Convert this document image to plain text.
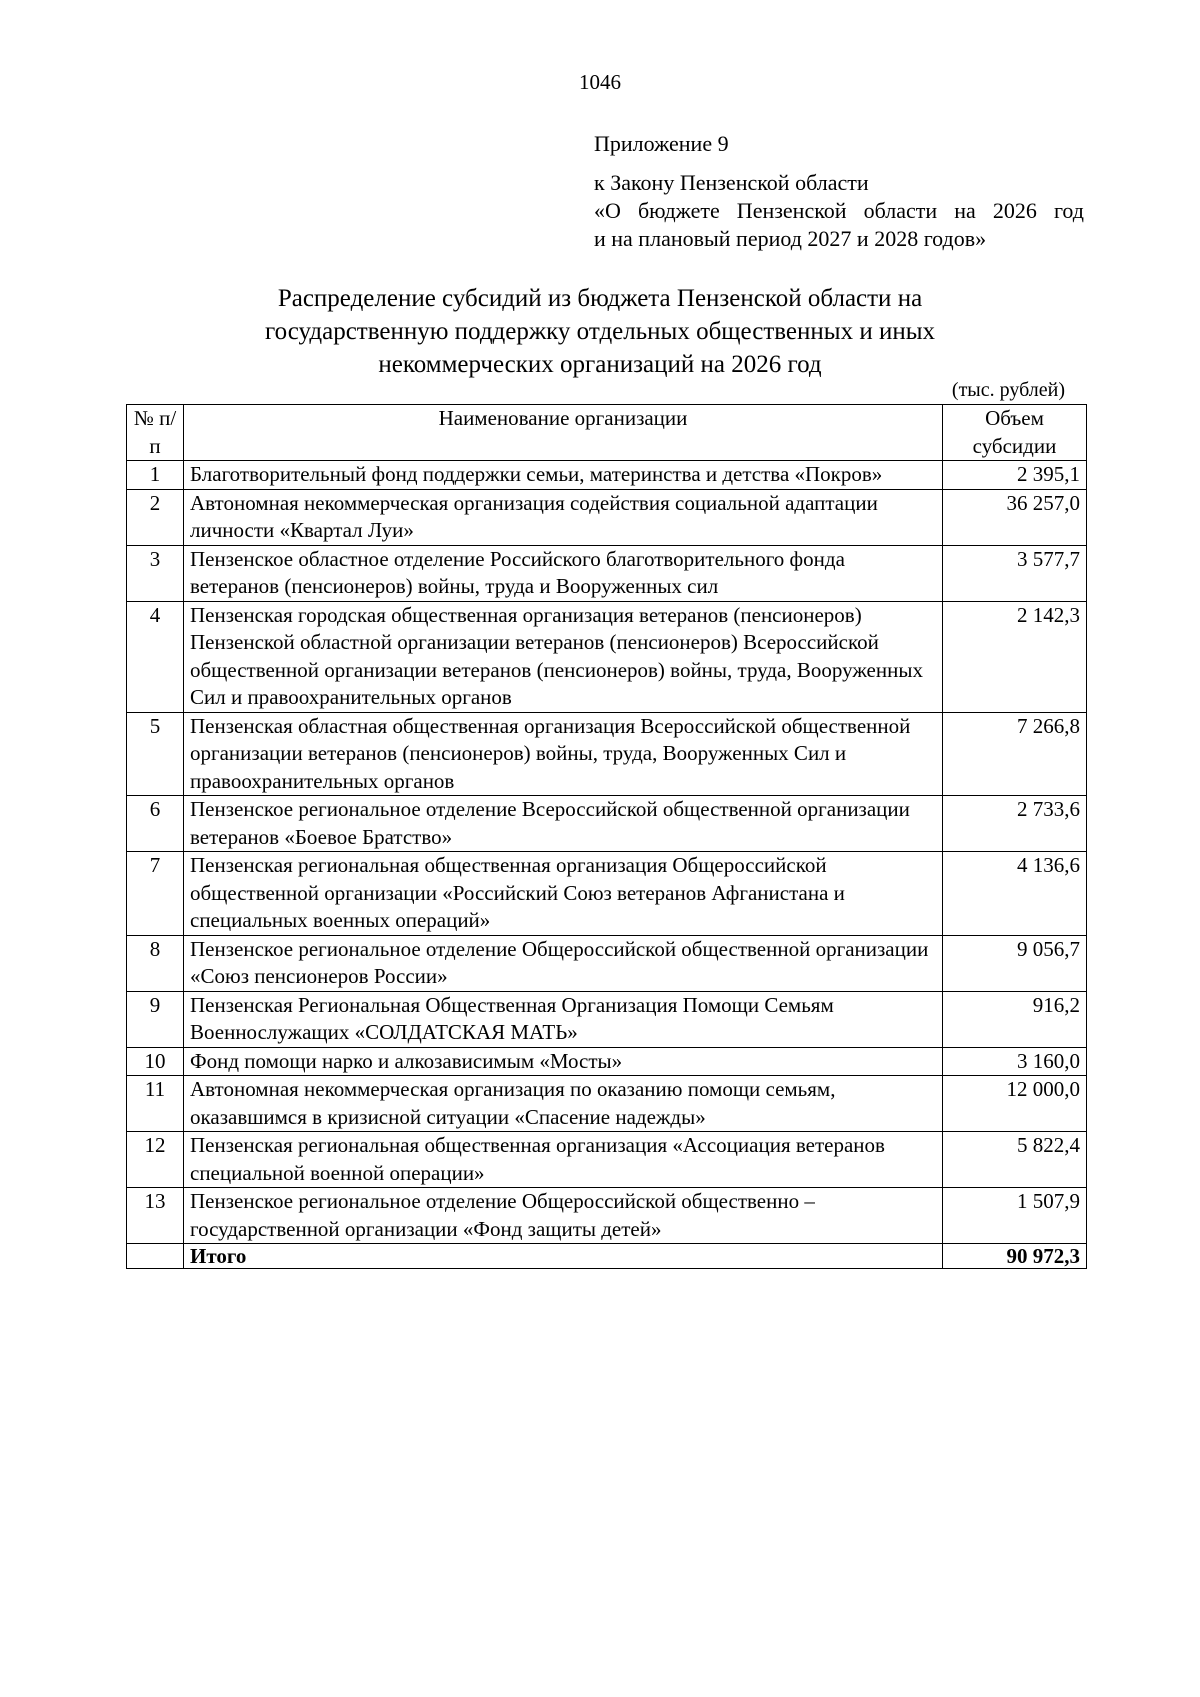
1046
Приложение 9
к Закону Пензенской области
«О бюджете Пензенской области на 2026 год
и на плановый период 2027 и 2028 годов»
Распределение субсидий из бюджета Пензенской области на
государственную поддержку отдельных общественных и иных
некоммерческих организаций на 2026 год
(тыс. рублей)
№ п/п	Наименование организации	Объем субсидии
1	Благотворительный фонд поддержки семьи, материнства и детства «Покров»	2 395,1
2	Автономная некоммерческая организация содействия социальной адаптации личности «Квартал Луи»	36 257,0
3	Пензенское областное отделение Российского благотворительного фонда ветеранов (пенсионеров) войны, труда и Вооруженных сил	3 577,7
4	Пензенская городская общественная организация ветеранов (пенсионеров) Пензенской областной организации ветеранов (пенсионеров) Всероссийской общественной организации ветеранов (пенсионеров) войны, труда, Вооруженных Сил и правоохранительных органов	2 142,3
5	Пензенская областная общественная организация Всероссийской общественной организации ветеранов (пенсионеров) войны, труда, Вооруженных Сил и правоохранительных органов	7 266,8
6	Пензенское региональное отделение Всероссийской общественной организации ветеранов «Боевое Братство»	2 733,6
7	Пензенская региональная общественная организация Общероссийской общественной организации «Российский Союз ветеранов Афганистана и специальных военных операций»	4 136,6
8	Пензенское региональное отделение Общероссийской общественной организации «Союз пенсионеров России»	9 056,7
9	Пензенская Региональная Общественная Организация Помощи Семьям Военнослужащих «СОЛДАТСКАЯ МАТЬ»	916,2
10	Фонд помощи нарко и алкозависимым «Мосты»	3 160,0
11	Автономная некоммерческая организация по оказанию помощи семьям, оказавшимся в кризисной ситуации «Спасение надежды»	12 000,0
12	Пензенская региональная общественная организация «Ассоциация ветеранов специальной военной операции»	5 822,4
13	Пензенское региональное отделение Общероссийской общественно – государственной организации «Фонд защиты детей»	1 507,9
	Итого	90 972,3
